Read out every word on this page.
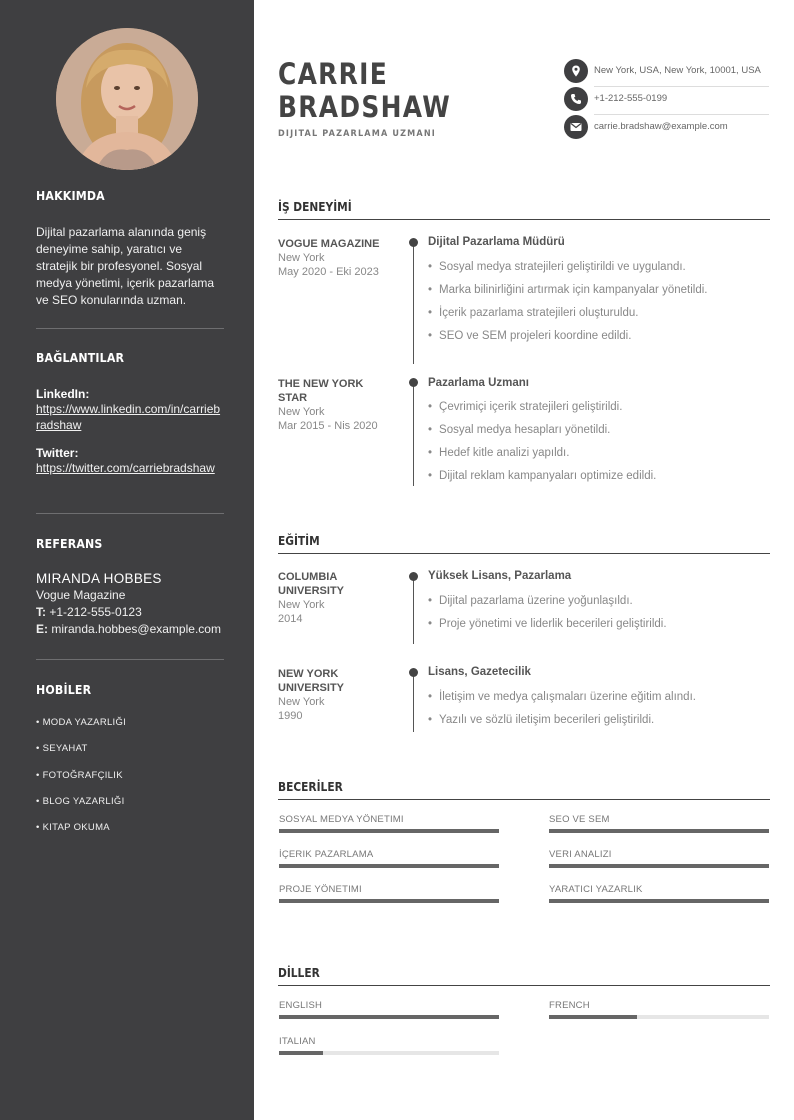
HAKKIMDA
Dijital pazarlama alanında geniş deneyime sahip, yaratıcı ve stratejik bir profesyonel. Sosyal medya yönetimi, içerik pazarlama ve SEO konularında uzman.
BAĞLANTILAR
LinkedIn:
https://www.linkedin.com/in/carriebradshaw
Twitter:
https://twitter.com/carriebradshaw
REFERANS
MIRANDA HOBBES
Vogue Magazine
T: +1-212-555-0123
E: miranda.hobbes@example.com
HOBİLER
• MODA YAZARLIĞI
• SEYAHAT
• FOTOĞRAFÇILIK
• BLOG YAZARLIĞI
• KITAP OKUMA
CARRIE
BRADSHAW
DIJITAL PAZARLAMA UZMANI
New York, USA, New York, 10001, USA
+1-212-555-0199
carrie.bradshaw@example.com
İŞ DENEYİMİ
VOGUE MAGAZINE
New York
May 2020 - Eki 2023
Dijital Pazarlama Müdürü
• Sosyal medya stratejileri geliştirildi ve uygulandı.
• Marka bilinirliğini artırmak için kampanyalar yönetildi.
• İçerik pazarlama stratejileri oluşturuldu.
• SEO ve SEM projeleri koordine edildi.
THE NEW YORK STAR
New York
Mar 2015 - Nis 2020
Pazarlama Uzmanı
• Çevrimiçi içerik stratejileri geliştirildi.
• Sosyal medya hesapları yönetildi.
• Hedef kitle analizi yapıldı.
• Dijital reklam kampanyaları optimize edildi.
EĞİTİM
COLUMBIA UNIVERSITY
New York
2014
Yüksek Lisans, Pazarlama
• Dijital pazarlama üzerine yoğunlaşıldı.
• Proje yönetimi ve liderlik becerileri geliştirildi.
NEW YORK UNIVERSITY
New York
1990
Lisans, Gazetecilik
• İletişim ve medya çalışmaları üzerine eğitim alındı.
• Yazılı ve sözlü iletişim becerileri geliştirildi.
BECERİLER
SOSYAL MEDYA YÖNETIMI	SEO VE SEM
İÇERIK PAZARLAMA	VERI ANALIZI
PROJE YÖNETIMI	YARATICI YAZARLIK
DİLLER
ENGLISH	FRENCH
ITALIAN
